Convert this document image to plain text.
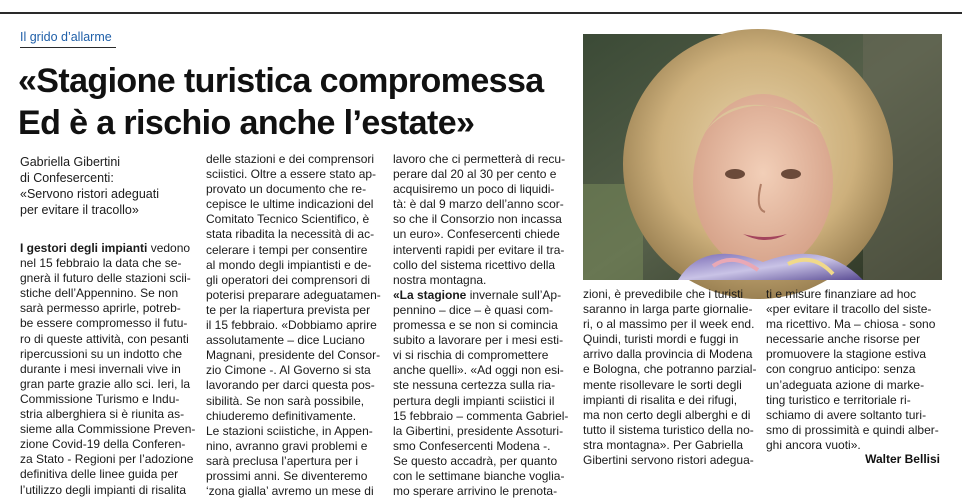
Il grido d’allarme
«Stagione turistica compromessa
Ed è a rischio anche l’estate»
Gabriella Gibertini
di Confesercenti:
«Servono ristori adeguati
per evitare il tracollo»
I gestori degli impianti vedono
nel 15 febbraio la data che se-
gnerà il futuro delle stazioni scii-
stiche dell’Appennino. Se non
sarà permesso aprirle, potreb-
be essere compromesso il futu-
ro di queste attività, con pesanti
ripercussioni su un indotto che
durante i mesi invernali vive in
gran parte grazie allo sci. Ieri, la
Commissione Turismo e Indu-
stria alberghiera si è riunita as-
sieme alla Commissione Preven-
zione Covid-19 della Conferen-
za Stato - Regioni per l’adozione
definitiva delle linee guida per
l’utilizzo degli impianti di risalita
delle stazioni e dei comprensori
sciistici. Oltre a essere stato ap-
provato un documento che re-
cepisce le ultime indicazioni del
Comitato Tecnico Scientifico, è
stata ribadita la necessità di ac-
celerare i tempi per consentire
al mondo degli impiantisti e de-
gli operatori dei comprensori di
poterisi preparare adeguatamen-
te per la riapertura prevista per
il 15 febbraio. «Dobbiamo aprire
assolutamente – dice Luciano
Magnani, presidente del Consor-
zio Cimone -. Al Governo si sta
lavorando per darci questa pos-
sibilità. Se non sarà possibile,
chiuderemo definitivamente.
Le stazioni sciistiche, in Appen-
nino, avranno gravi problemi e
sarà preclusa l’apertura per i
prossimi anni. Se diventeremo
‘zona gialla’ avremo un mese di
lavoro che ci permetterà di recu-
perare dal 20 al 30 per cento e
acquisiremo un poco di liquidi-
tà: è dal 9 marzo dell’anno scor-
so che il Consorzio non incassa
un euro». Confesercenti chiede
interventi rapidi per evitare il tra-
collo del sistema ricettivo della
nostra montagna.
«La stagione invernale sull’Ap-
pennino – dice – è quasi com-
promessa e se non si comincia
subito a lavorare per i mesi esti-
vi si rischia di compromettere
anche quelli». «Ad oggi non esi-
ste nessuna certezza sulla ria-
pertura degli impianti sciistici il
15 febbraio – commenta Gabriel-
la Gibertini, presidente Assoturi-
smo Confesercenti Modena -.
Se questo accadrà, per quanto
con le settimane bianche voglia-
mo sperare arrivino le prenota-
zioni, è prevedibile che i turisti
saranno in larga parte giornalie-
ri, o al massimo per il week end.
Quindi, turisti mordi e fuggi in
arrivo dalla provincia di Modena
e Bologna, che potranno parzial-
mente risollevare le sorti degli
impianti di risalita e dei rifugi,
ma non certo degli alberghi e di
tutto il sistema turistico della no-
stra montagna». Per Gabriella
Gibertini servono ristori adegua-
ti e misure finanziare ad hoc
«per evitare il tracollo del siste-
ma ricettivo. Ma – chiosa - sono
necessarie anche risorse per
promuovere la stagione estiva
con congruo anticipo: senza
un’adeguata azione di marke-
ting turistico e territoriale ri-
schiamo di avere soltanto turi-
smo di prossimità e quindi alber-
ghi ancora vuoti».
Walter Bellisi
